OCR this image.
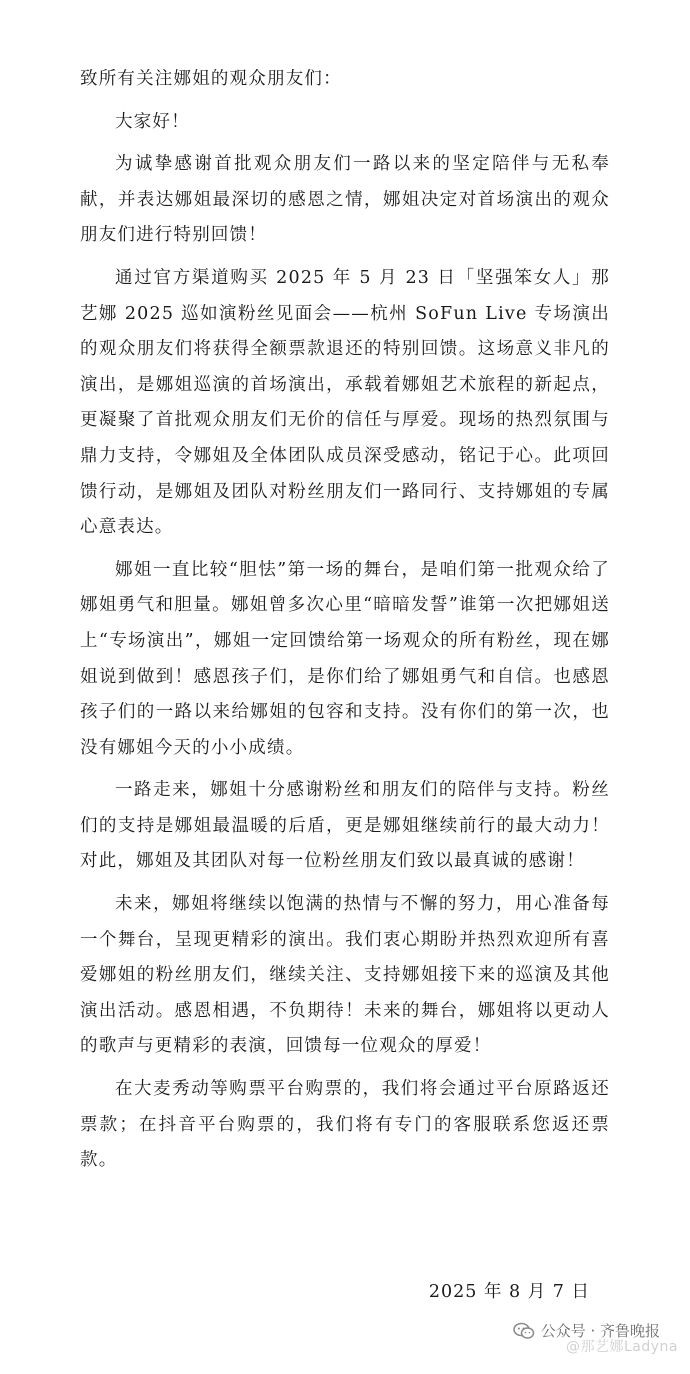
致所有关注娜姐的观众朋友们：

大家好！

为诚挚感谢首批观众朋友们一路以来的坚定陪伴与无私奉献，并表达娜姐最深切的感恩之情，娜姐决定对首场演出的观众朋友们进行特别回馈！

通过官方渠道购买 2025 年 5 月 23 日「坚强笨女人」那艺娜 2025 巡如演粉丝见面会——杭州 SoFun Live 专场演出的观众朋友们将获得全额票款退还的特别回馈。这场意义非凡的演出，是娜姐巡演的首场演出，承载着娜姐艺术旅程的新起点，更凝聚了首批观众朋友们无价的信任与厚爱。现场的热烈氛围与鼎力支持，令娜姐及全体团队成员深受感动，铭记于心。此项回馈行动，是娜姐及团队对粉丝朋友们一路同行、支持娜姐的专属心意表达。

娜姐一直比较“胆怯”第一场的舞台，是咱们第一批观众给了娜姐勇气和胆量。娜姐曾多次心里“暗暗发誓”谁第一次把娜姐送上“专场演出”，娜姐一定回馈给第一场观众的所有粉丝，现在娜姐说到做到！感恩孩子们，是你们给了娜姐勇气和自信。也感恩孩子们的一路以来给娜姐的包容和支持。没有你们的第一次，也没有娜姐今天的小小成绩。

一路走来，娜姐十分感谢粉丝和朋友们的陪伴与支持。粉丝们的支持是娜姐最温暖的后盾，更是娜姐继续前行的最大动力！对此，娜姐及其团队对每一位粉丝朋友们致以最真诚的感谢！

未来，娜姐将继续以饱满的热情与不懈的努力，用心准备每一个舞台，呈现更精彩的演出。我们衷心期盼并热烈欢迎所有喜爱娜姐的粉丝朋友们，继续关注、支持娜姐接下来的巡演及其他演出活动。感恩相遇，不负期待！未来的舞台，娜姐将以更动人的歌声与更精彩的表演，回馈每一位观众的厚爱！

在大麦秀动等购票平台购票的，我们将会通过平台原路返还票款；在抖音平台购票的，我们将有专门的客服联系您返还票款。

2025 年 8 月 7 日
公众号 · 齐鲁晚报
@那艺娜Ladyna
